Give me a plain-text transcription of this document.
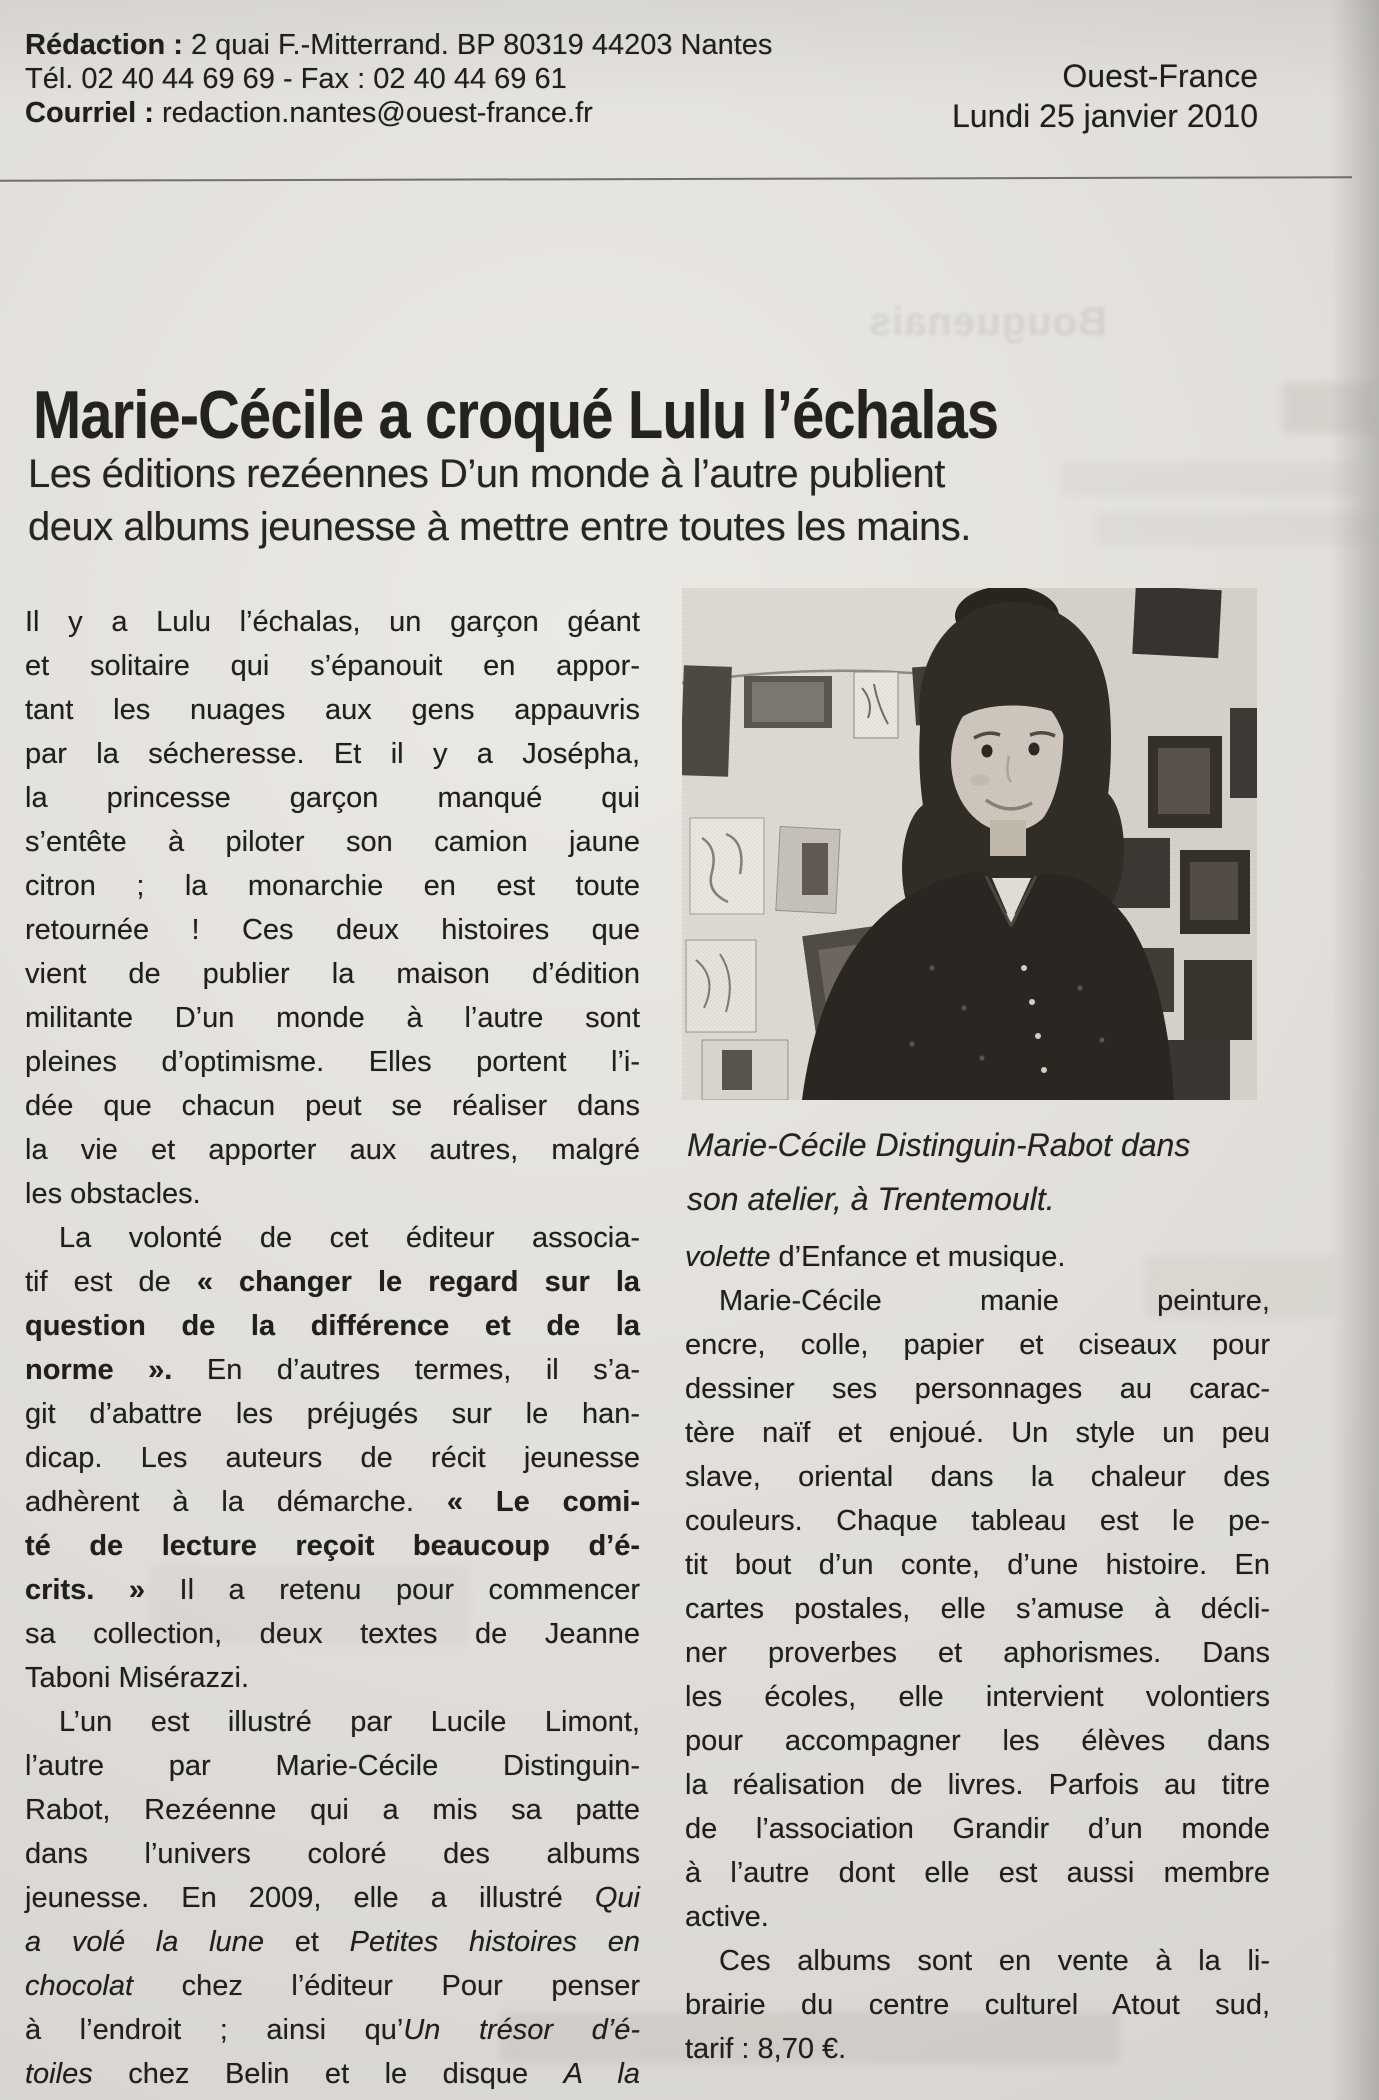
Rédaction : 2 quai F.-Mitterrand. BP 80319 44203 Nantes
Tél. 02 40 44 69 69 - Fax : 02 40 44 69 61
Courriel : redaction.nantes@ouest-france.fr
Ouest-France
Lundi 25 janvier 2010
Bouguenais
Marie-Cécile a croqué Lulu l’échalas
Les éditions rezéennes D’un monde à l’autre publient
deux albums jeunesse à mettre entre toutes les mains.
Marie-Cécile Distinguin-Rabot dans
son atelier, à Trentemoult.
Il y a Lulu l’échalas, un garçon géant
et solitaire qui s’épanouit en appor-
tant les nuages aux gens appauvris
par la sécheresse. Et il y a Josépha,
la princesse garçon manqué qui
s’entête à piloter son camion jaune
citron ; la monarchie en est toute
retournée ! Ces deux histoires que
vient de publier la maison d’édition
militante D’un monde à l’autre sont
pleines d’optimisme. Elles portent l’i-
dée que chacun peut se réaliser dans
la vie et apporter aux autres, malgré
les obstacles.
La volonté de cet éditeur associa-
tif est de « changer le regard sur la
question de la différence et de la
norme ». En d’autres termes, il s’a-
git d’abattre les préjugés sur le han-
dicap. Les auteurs de récit jeunesse
adhèrent à la démarche. « Le comi-
té de lecture reçoit beaucoup d’é-
crits. » Il a retenu pour commencer
sa collection, deux textes de Jeanne
Taboni Misérazzi.
L’un est illustré par Lucile Limont,
l’autre par Marie-Cécile Distinguin-
Rabot, Rezéenne qui a mis sa patte
dans l’univers coloré des albums
jeunesse. En 2009, elle a illustré Qui
a volé la lune et Petites histoires en
chocolat chez l’éditeur Pour penser
à l’endroit ; ainsi qu’Un trésor d’é-
toiles chez Belin et le disque A la
volette d’Enfance et musique.
Marie-Cécile manie peinture,
encre, colle, papier et ciseaux pour
dessiner ses personnages au carac-
tère naïf et enjoué. Un style un peu
slave, oriental dans la chaleur des
couleurs. Chaque tableau est le pe-
tit bout d’un conte, d’une histoire. En
cartes postales, elle s’amuse à décli-
ner proverbes et aphorismes. Dans
les écoles, elle intervient volontiers
pour accompagner les élèves dans
la réalisation de livres. Parfois au titre
de l’association Grandir d’un monde
à l’autre dont elle est aussi membre
active.
Ces albums sont en vente à la li-
brairie du centre culturel Atout sud,
tarif : 8,70 €.
